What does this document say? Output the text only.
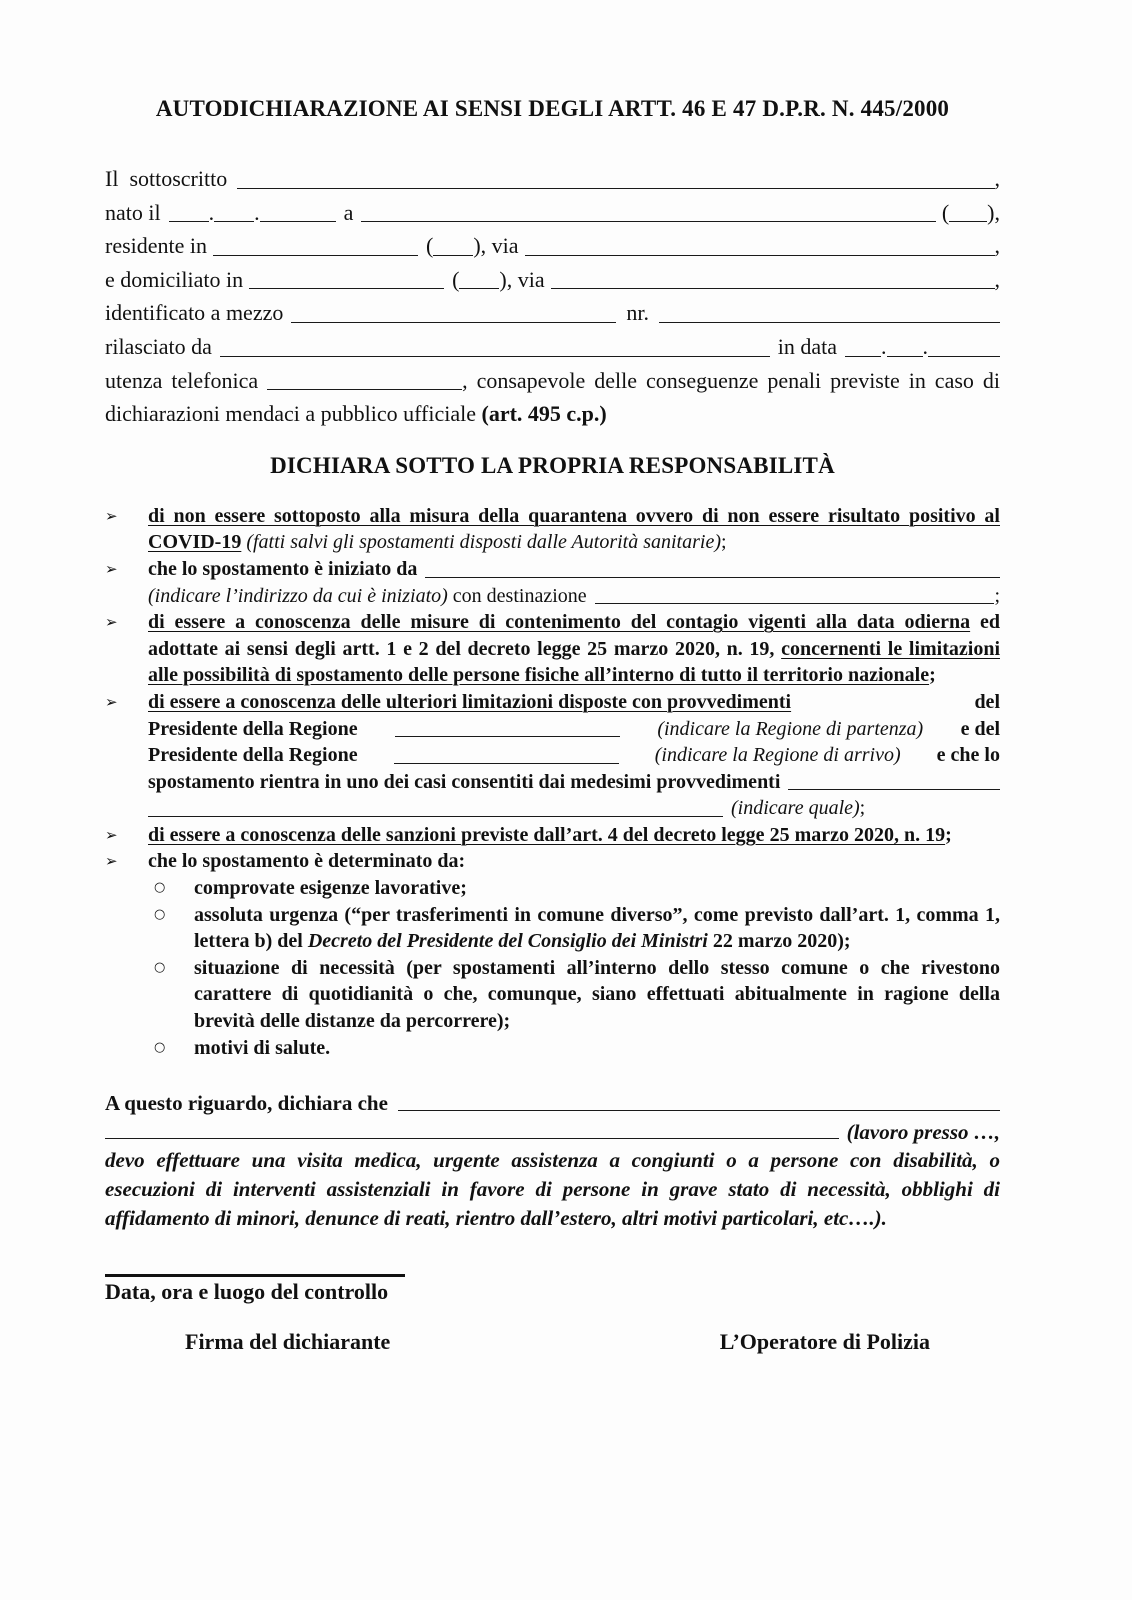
AUTODICHIARAZIONE AI SENSI DEGLI ARTT. 46 E 47 D.P.R. N. 445/2000
Il  sottoscritto	,
nato il . .	a	( ),
residente in	( ), via	,
e domiciliato in	( ), via	,
identificato a mezzo	nr.
rilasciato da	in data . .

utenza telefonica	, consapevole delle conseguenze penali previste in caso di dichiarazioni mendaci a pubblico ufficiale (art. 495 c.p.)

DICHIARA SOTTO LA PROPRIA RESPONSABILITÀ
➢	di non essere sottoposto alla misura della quarantena ovvero di non essere risultato positivo al COVID-19 (fatti salvi gli spostamenti disposti dalle Autorità sanitarie);
➢	che lo spostamento è iniziato da
(indicare l’indirizzo da cui è iniziato) con destinazione	;
➢	di essere a conoscenza delle misure di contenimento del contagio vigenti alla data odierna ed adottate ai sensi degli artt. 1 e 2 del decreto legge 25 marzo 2020, n. 19, concernenti le limitazioni alle possibilità di spostamento delle persone fisiche all’interno di tutto il territorio nazionale;
➢	di essere a conoscenza delle ulteriori limitazioni disposte con provvedimenti	del
Presidente della Regione	(indicare la Regione di partenza) e del
Presidente della Regione	(indicare la Regione di arrivo) e che lo
spostamento rientra in uno dei casi consentiti dai medesimi provvedimenti
(indicare quale) ;
➢	di essere a conoscenza delle sanzioni previste dall’art. 4 del decreto legge 25 marzo 2020, n. 19;
➢	che lo spostamento è determinato da:
○	comprovate esigenze lavorative;
○	assoluta urgenza (“per trasferimenti in comune diverso”, come previsto dall’art. 1, comma 1, lettera b) del Decreto del Presidente del Consiglio dei Ministri 22 marzo 2020);
○	situazione di necessità (per spostamenti all’interno dello stesso comune o che rivestono carattere di quotidianità o che, comunque, siano effettuati abitualmente in ragione della brevità delle distanze da percorrere);
○	motivi di salute.
A questo riguardo, dichiara che
(lavoro presso …,

devo effettuare una visita medica, urgente assistenza a congiunti o a persone con disabilità, o esecuzioni di interventi assistenziali in favore di persone in grave stato di necessità, obblighi di affidamento di minori, denunce di reati, rientro dall’estero, altri motivi particolari, etc….).

Data, ora e luogo del controllo
Firma del dichiarante	L’Operatore di Polizia
